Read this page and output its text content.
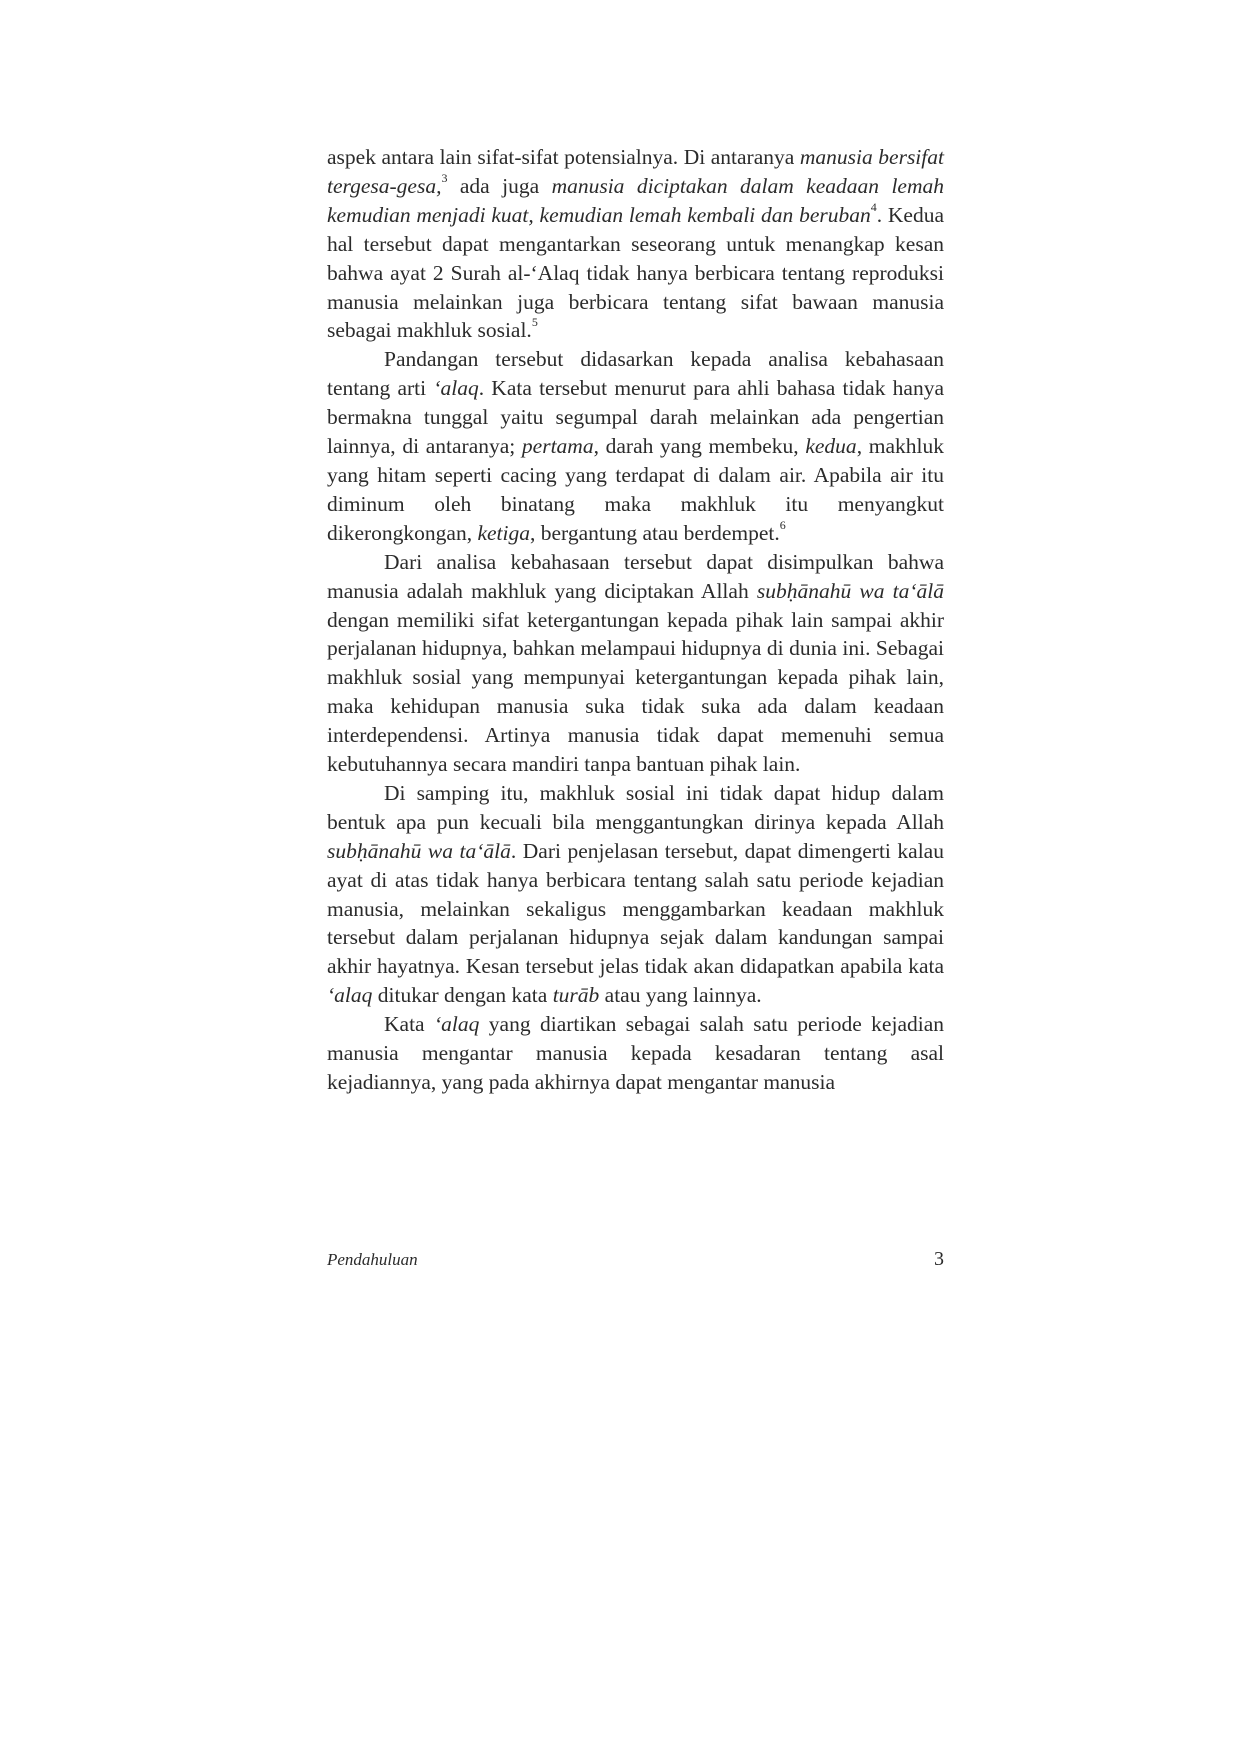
aspek antara lain sifat-sifat potensialnya. Di antaranya manusia bersifat tergesa-gesa,$^3$ ada juga manusia diciptakan dalam keadaan lemah kemudian menjadi kuat, kemudian lemah kembali dan beruban$^4$. Kedua hal tersebut dapat mengantarkan seseorang untuk menangkap kesan bahwa ayat 2 Surah al-‘Alaq tidak hanya berbicara tentang reproduksi manusia melainkan juga berbicara tentang sifat bawaan manusia sebagai makhluk sosial.$^5$

Pandangan tersebut didasarkan kepada analisa kebahasaan tentang arti ‘alaq. Kata tersebut menurut para ahli bahasa tidak hanya bermakna tunggal yaitu segumpal darah melainkan ada pengertian lainnya, di antaranya; pertama, darah yang membeku, kedua, makhluk yang hitam seperti cacing yang terdapat di dalam air. Apabila air itu diminum oleh binatang maka makhluk itu menyangkut dikerongkongan, ketiga, bergantung atau berdempet.$^6$

Dari analisa kebahasaan tersebut dapat disimpulkan bahwa manusia adalah makhluk yang diciptakan Allah subḥānahū wa ta‘ālā dengan memiliki sifat ketergantungan kepada pihak lain sampai akhir perjalanan hidupnya, bahkan melampaui hidupnya di dunia ini. Sebagai makhluk sosial yang mempunyai ketergantungan kepada pihak lain, maka kehidupan manusia suka tidak suka ada dalam keadaan interdependensi. Artinya manusia tidak dapat memenuhi semua kebutuhannya secara mandiri tanpa bantuan pihak lain.

Di samping itu, makhluk sosial ini tidak dapat hidup dalam bentuk apa pun kecuali bila menggantungkan dirinya kepada Allah subḥānahū wa ta‘ālā. Dari penjelasan tersebut, dapat dimengerti kalau ayat di atas tidak hanya berbicara tentang salah satu periode kejadian manusia, melainkan sekaligus menggambarkan keadaan makhluk tersebut dalam perjalanan hidupnya sejak dalam kandungan sampai akhir hayatnya. Kesan tersebut jelas tidak akan didapatkan apabila kata ‘alaq ditukar dengan kata turāb atau yang lainnya.

Kata ‘alaq yang diartikan sebagai salah satu periode kejadian manusia mengantar manusia kepada kesadaran tentang asal kejadiannya, yang pada akhirnya dapat mengantar manusia

Pendahuluan	3
